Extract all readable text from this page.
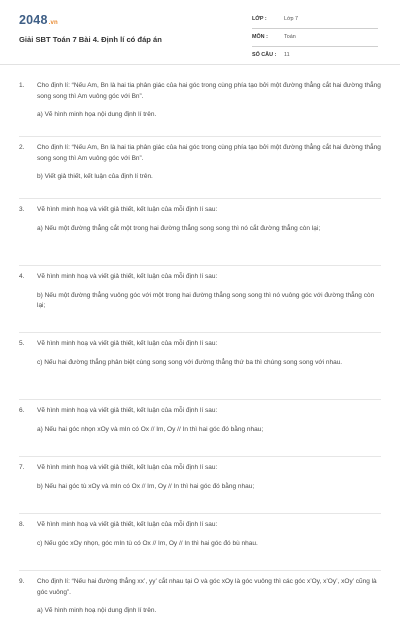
2048.vn
Giải SBT Toán 7 Bài 4. Định lí có đáp án
LỚP :	Lớp 7
MÔN :	Toán
SỐ CÂU : 11
1. Cho định lí: “Nếu Am, Bn là hai tia phân giác của hai góc trong cùng phía tạo bởi một đường thẳng cắt hai đường thẳng song song thì Am vuông góc với Bn”.
a) Vẽ hình minh họa nội dung định lí trên.
2. Cho định lí: “Nếu Am, Bn là hai tia phân giác của hai góc trong cùng phía tạo bởi một đường thẳng cắt hai đường thẳng song song thì Am vuông góc với Bn”.
b) Viết giả thiết, kết luận của định lí trên.
3. Vẽ hình minh hoạ và viết giả thiết, kết luận của mỗi định lí sau:
a) Nếu một đường thẳng cắt một trong hai đường thẳng song song thì nó cắt đường thẳng còn lại;
4. Vẽ hình minh hoạ và viết giả thiết, kết luận của mỗi định lí sau:
b) Nếu một đường thẳng vuông góc với một trong hai đường thẳng song song thì nó vuông góc với đường thẳng còn lại;
5. Vẽ hình minh hoạ và viết giả thiết, kết luận của mỗi định lí sau:
c) Nếu hai đường thẳng phân biệt cùng song song với đường thẳng thứ ba thì chúng song song với nhau.
6. Vẽ hình minh hoạ và viết giả thiết, kết luận của mỗi định lí sau:
a) Nếu hai góc nhọn xOy và mIn có Ox // Im, Oy // In thì hai góc đó bằng nhau;
7. Vẽ hình minh hoạ và viết giả thiết, kết luận của mỗi định lí sau:
b) Nếu hai góc tù xOy và mIn có Ox // Im, Oy // In thì hai góc đó bằng nhau;
8. Vẽ hình minh hoạ và viết giả thiết, kết luận của mỗi định lí sau:
c) Nếu góc xOy nhọn, góc mIn tù có Ox // Im, Oy // In thì hai góc đó bù nhau.
9. Cho định lí: “Nếu hai đường thẳng xx’, yy’ cắt nhau tại O và góc xOy là góc vuông thì các góc x’Oy, x’Oy’, xOy’ cũng là góc vuông”.
a) Vẽ hình minh hoạ nội dung định lí trên.
